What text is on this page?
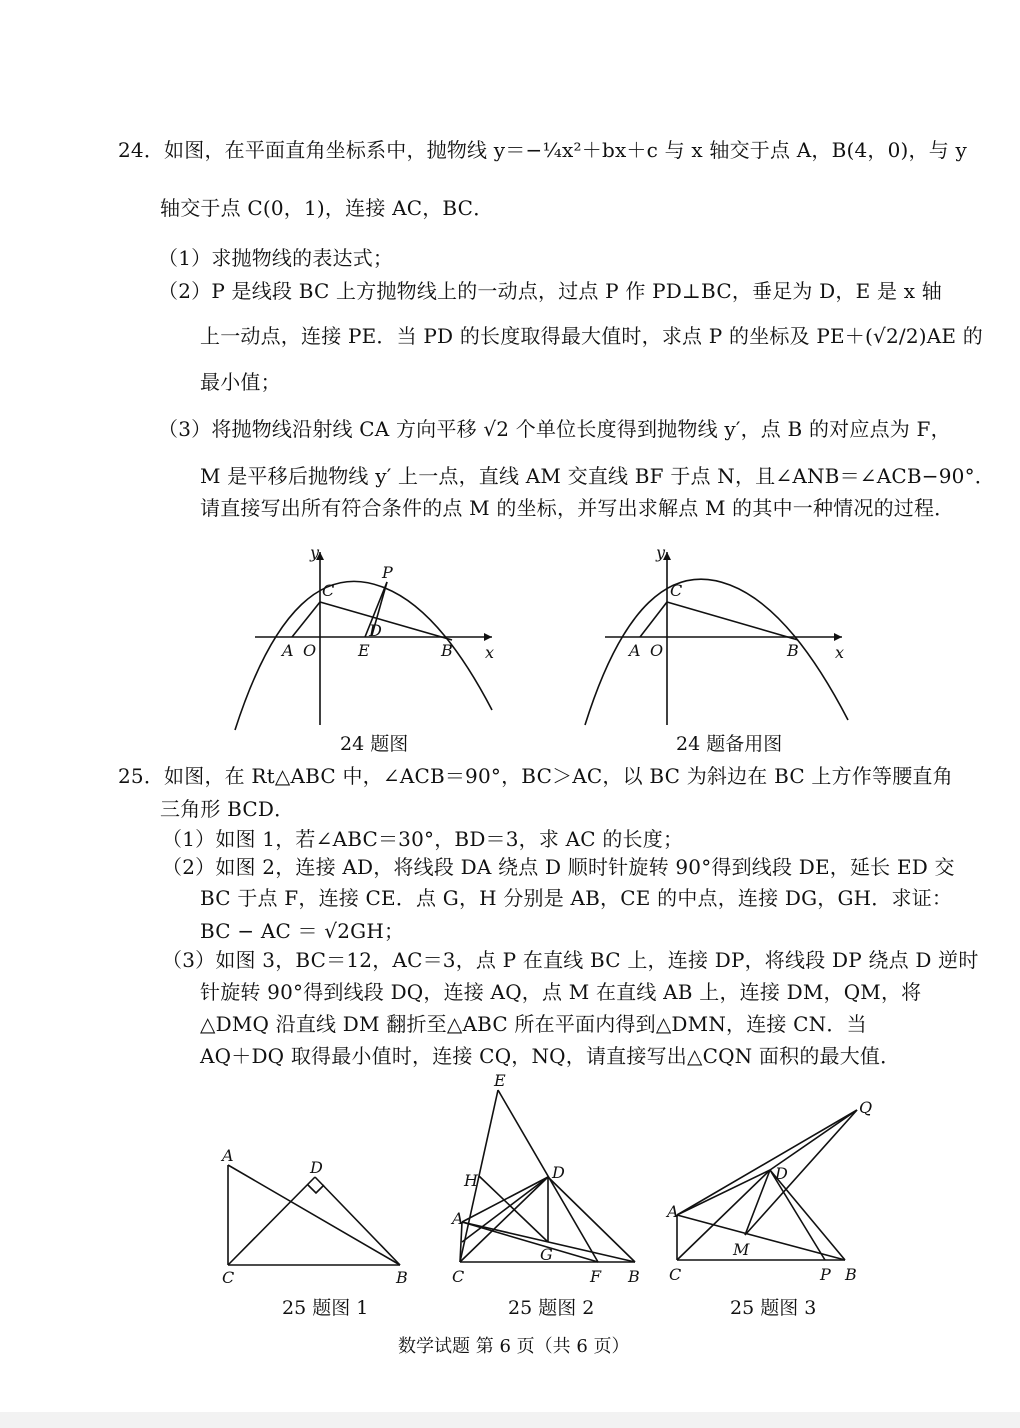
24．如图，在平面直角坐标系中，抛物线 y＝−¼x²＋bx＋c 与 x 轴交于点 A，B(4，0)，与 y
轴交于点 C(0，1)，连接 AC，BC．
（1）求抛物线的表达式；
（2）P 是线段 BC 上方抛物线上的一动点，过点 P 作 PD⊥BC，垂足为 D，E 是 x 轴
上一动点，连接 PE．当 PD 的长度取得最大值时，求点 P 的坐标及 PE＋(√2/2)AE 的
最小值；
（3）将抛物线沿射线 CA 方向平移 √2 个单位长度得到抛物线 y′，点 B 的对应点为 F，
M 是平移后抛物线 y′ 上一点，直线 AM 交直线 BF 于点 N，且∠ANB＝∠ACB−90°．
请直接写出所有符合条件的点 M 的坐标，并写出求解点 M 的其中一种情况的过程．
y
x
A O	B
C
P
D
E
y
x
A O	B
C
24 题图	24 题备用图
25．如图，在 Rt△ABC 中，∠ACB＝90°，BC＞AC，以 BC 为斜边在 BC 上方作等腰直角
三角形 BCD．
（1）如图 1，若∠ABC＝30°，BD＝3，求 AC 的长度；
（2）如图 2，连接 AD，将线段 DA 绕点 D 顺时针旋转 90°得到线段 DE，延长 ED 交
BC 于点 F，连接 CE．点 G，H 分别是 AB，CE 的中点，连接 DG，GH．求证：
BC − AC ＝ √2GH；
（3）如图 3，BC＝12，AC＝3，点 P 在直线 BC 上，连接 DP，将线段 DP 绕点 D 逆时
针旋转 90°得到线段 DQ，连接 AQ，点 M 在直线 AB 上，连接 DM，QM，将
△DMQ 沿直线 DM 翻折至△ABC 所在平面内得到△DMN，连接 CN．当
AQ＋DQ 取得最小值时，连接 CQ，NQ，请直接写出△CQN 面积的最大值．
A
C	B
D
E
H
A
D
G
C	F B
Q
D
A
M
C	P B
25 题图 1	25 题图 2	25 题图 3
数学试题 第 6 页（共 6 页）
